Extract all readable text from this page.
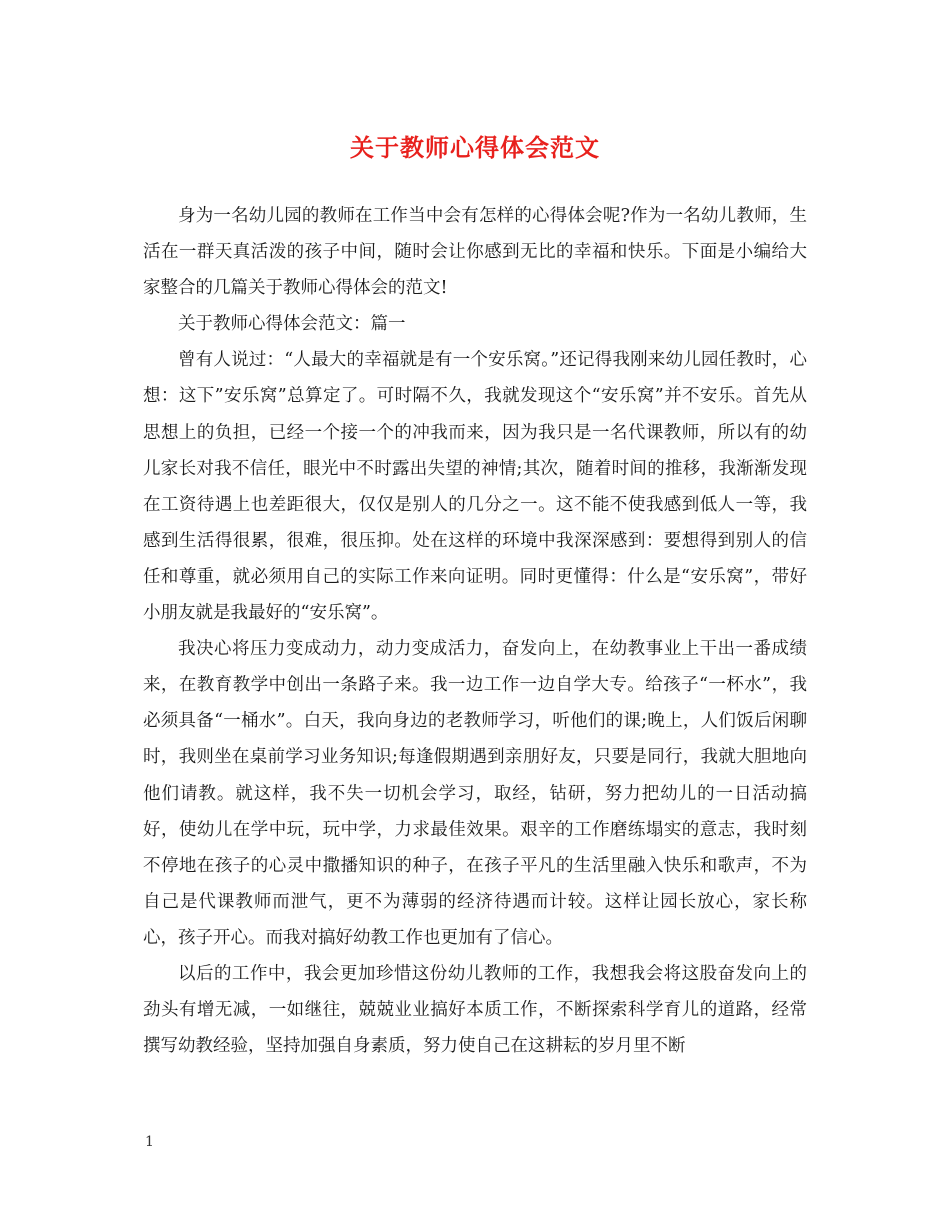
关于教师心得体会范文

身为一名幼儿园的教师在工作当中会有怎样的心得体会呢?作为一名幼儿教师，生活在一群天真活泼的孩子中间，随时会让你感到无比的幸福和快乐。下面是小编给大家整合的几篇关于教师心得体会的范文!

关于教师心得体会范文：篇一

曾有人说过：“人最大的幸福就是有一个安乐窝。”还记得我刚来幼儿园任教时，心想：这下”安乐窝”总算定了。可时隔不久，我就发现这个“安乐窝”并不安乐。首先从思想上的负担，已经一个接一个的冲我而来，因为我只是一名代课教师，所以有的幼儿家长对我不信任，眼光中不时露出失望的神情;其次，随着时间的推移，我渐渐发现在工资待遇上也差距很大，仅仅是别人的几分之一。这不能不使我感到低人一等，我感到生活得很累，很难，很压抑。处在这样的环境中我深深感到：要想得到别人的信任和尊重，就必须用自己的实际工作来向证明。同时更懂得：什么是“安乐窝”，带好小朋友就是我最好的“安乐窝”。

我决心将压力变成动力，动力变成活力，奋发向上，在幼教事业上干出一番成绩来，在教育教学中创出一条路子来。我一边工作一边自学大专。给孩子“一杯水”，我必须具备“一桶水”。白天，我向身边的老教师学习，听他们的课;晚上，人们饭后闲聊时，我则坐在桌前学习业务知识;每逢假期遇到亲朋好友，只要是同行，我就大胆地向他们请教。就这样，我不失一切机会学习，取经，钻研，努力把幼儿的一日活动搞好，使幼儿在学中玩，玩中学，力求最佳效果。艰辛的工作磨练塌实的意志，我时刻不停地在孩子的心灵中撒播知识的种子，在孩子平凡的生活里融入快乐和歌声，不为自己是代课教师而泄气，更不为薄弱的经济待遇而计较。这样让园长放心，家长称心，孩子开心。而我对搞好幼教工作也更加有了信心。

以后的工作中，我会更加珍惜这份幼儿教师的工作，我想我会将这股奋发向上的劲头有增无减，一如继往，兢兢业业搞好本质工作，不断探索科学育儿的道路，经常撰写幼教经验，坚持加强自身素质，努力使自己在这耕耘的岁月里不断

1
